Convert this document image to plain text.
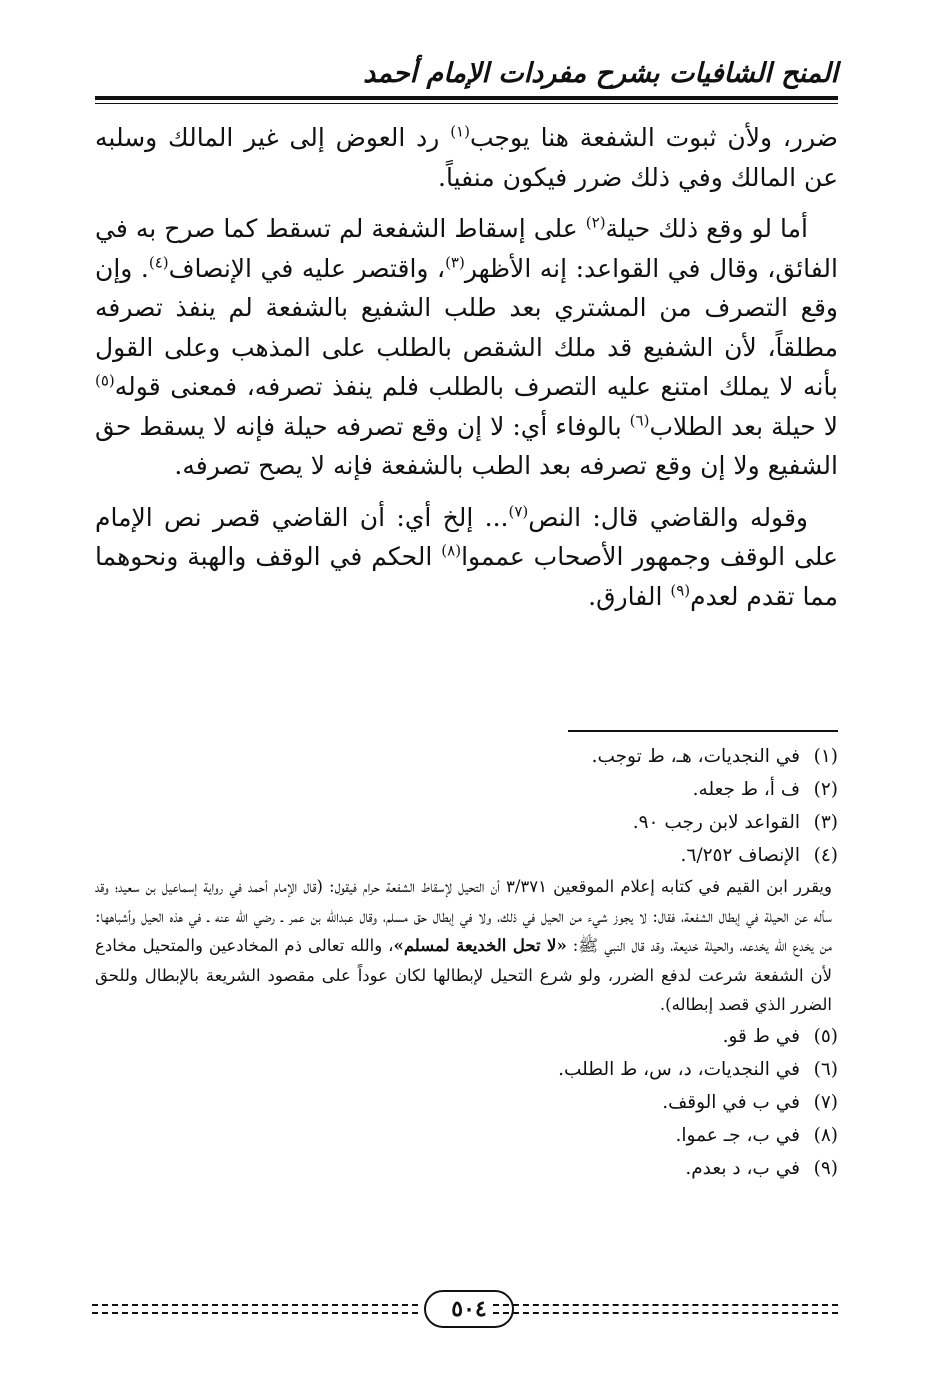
المنح الشافيات بشرح مفردات الإمام أحمد

ضرر، ولأن ثبوت الشفعة هنا يوجب$^{(١)}$ رد العوض إلى غير المالك وسلبه عن المالك وفي ذلك ضرر فيكون منفياً.

أما لو وقع ذلك حيلة$^{(٢)}$ على إسقاط الشفعة لم تسقط كما صرح به في الفائق، وقال في القواعد: إنه الأظهر$^{(٣)}$، واقتصر عليه في الإنصاف$^{(٤)}$. وإن وقع التصرف من المشتري بعد طلب الشفيع بالشفعة لم ينفذ تصرفه مطلقاً، لأن الشفيع قد ملك الشقص بالطلب على المذهب وعلى القول بأنه لا يملك امتنع عليه التصرف بالطلب فلم ينفذ تصرفه، فمعنى قوله$^{(٥)}$ لا حيلة بعد الطلاب$^{(٦)}$ بالوفاء أي: لا إن وقع تصرفه حيلة فإنه لا يسقط حق الشفيع ولا إن وقع تصرفه بعد الطب بالشفعة فإنه لا يصح تصرفه.

وقوله والقاضي قال: النص$^{(٧)}$... إلخ أي: أن القاضي قصر نص الإمام على الوقف وجمهور الأصحاب عمموا$^{(٨)}$ الحكم في الوقف والهبة ونحوهما مما تقدم لعدم$^{(٩)}$ الفارق.

(١)
في النجديات، هـ، ط توجب.
(٢)
ف أ، ط جعله.
(٣)
القواعد لابن رجب ٩٠.
(٤)
الإنصاف ٦/٢٥٢.
ويقرر ابن القيم في كتابه إعلام الموقعين ٣/٣٧١ أن التحيل لإسقاط الشفعة حرام فيقول: (قال الإمام أحمد في رواية إسماعيل بن سعيد؛ وقد سأله عن الحيلة في إبطال الشفعة، فقال: لا يجوز شيء من الحيل في ذلك، ولا في إبطال حق مسلم، وقال عبدالله بن عمر ـ رضي الله عنه ـ في هذه الحيل وأشباهها: من يخدع الله يخدعه، والحيلة خديعة، وقد قال النبي ﷺ: «لا تحل الخديعة لمسلم»، والله تعالى ذم المخادعين والمتحيل مخادع لأن الشفعة شرعت لدفع الضرر، ولو شرع التحيل لإبطالها لكان عوداً على مقصود الشريعة بالإبطال وللحق الضرر الذي قصد إبطاله).
(٥)
في ط قو.
(٦)
في النجديات، د، س، ط الطلب.
(٧)
في ب في الوقف.
(٨)
في ب، جـ عموا.
(٩)
في ب، د بعدم.
٥٠٤
